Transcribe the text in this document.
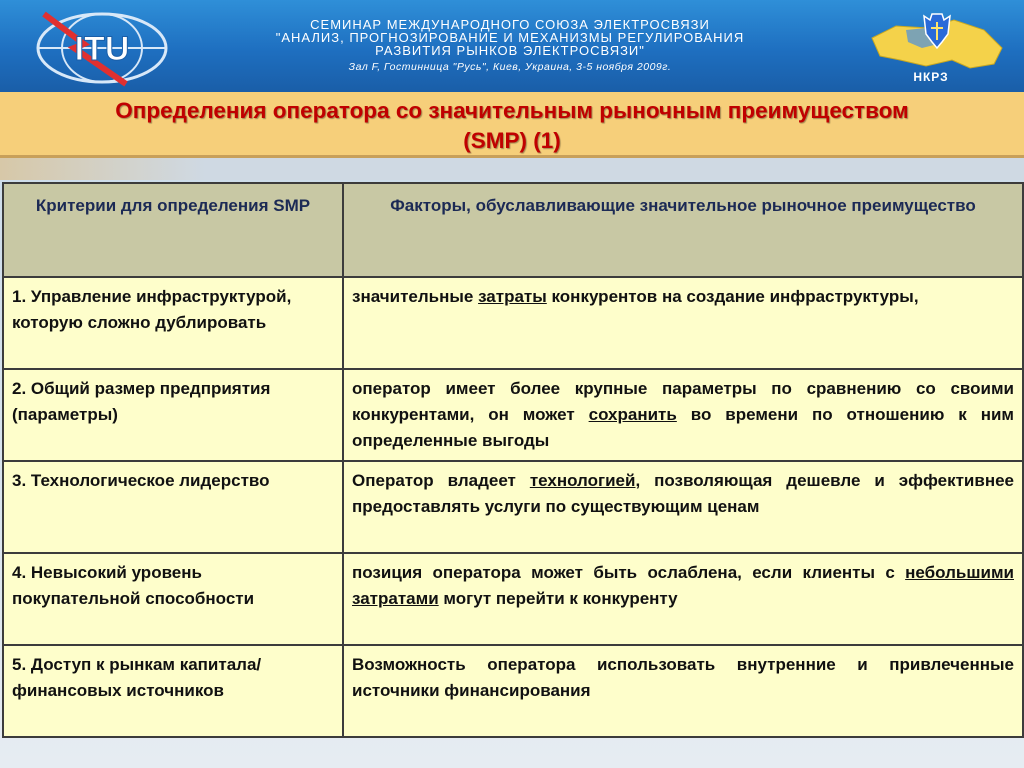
ITU
СЕМИНАР МЕЖДУНАРОДНОГО СОЮЗА ЭЛЕКТРОСВЯЗИ
"АНАЛИЗ, ПРОГНОЗИРОВАНИЕ И МЕХАНИЗМЫ РЕГУЛИРОВАНИЯ
РАЗВИТИЯ РЫНКОВ ЭЛЕКТРОСВЯЗИ"
Зал F, Гостинница "Русь", Киев, Украина, 3-5 ноября 2009г.
НКРЗ
Определения оператора со значительным рыночным преимуществом
(SMP) (1)
Критерии для определения SMP	Факторы, обуславливающие значительное рыночное преимущество
1. Управление инфраструктурой, которую сложно дублировать	значительные затраты конкурентов на создание инфраструктуры,
2. Общий размер предприятия (параметры)	оператор имеет более крупные параметры по сравнению со своими конкурентами, он может сохранить во времени по отношению к ним определенные выгоды
3. Технологическое лидерство	Оператор владеет технологией, позволяющая дешевле и эффективнее предоставлять услуги по существующим ценам
4. Невысокий уровень покупательной способности	позиция оператора может быть ослаблена, если клиенты с небольшими затратами могут перейти к конкуренту
5. Доступ к рынкам капитала/финансовых источников	Возможность оператора использовать внутренние и привлеченные источники финансирования
